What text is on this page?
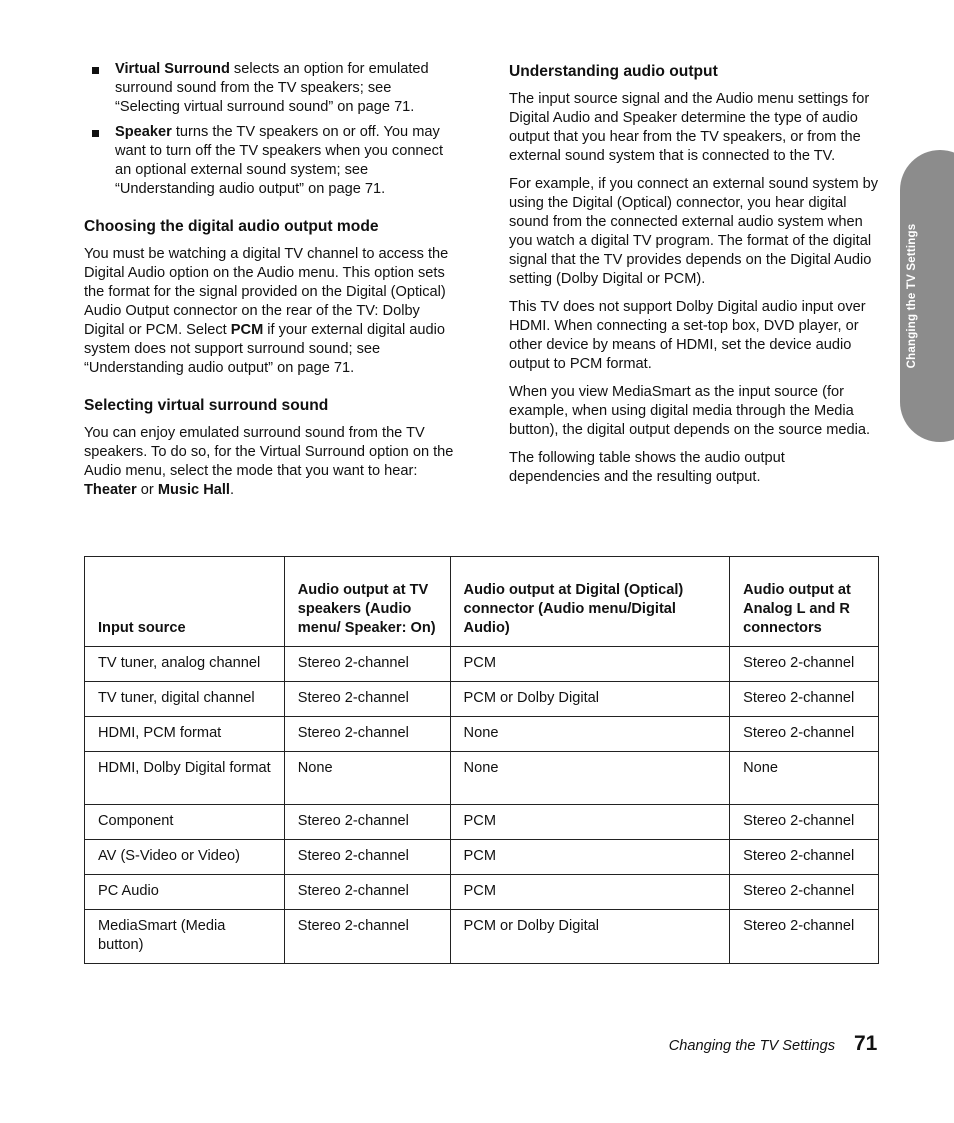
Virtual Surround selects an option for emulated surround sound from the TV speakers; see “Selecting virtual surround sound” on page 71.
Speaker turns the TV speakers on or off. You may want to turn off the TV speakers when you connect an optional external sound system; see “Understanding audio output” on page 71.
Choosing the digital audio output mode

You must be watching a digital TV channel to access the Digital Audio option on the Audio menu. This option sets the format for the signal provided on the Digital (Optical) Audio Output connector on the rear of the TV: Dolby Digital or PCM. Select PCM if your external digital audio system does not support surround sound; see “Understanding audio output” on page 71.

Selecting virtual surround sound

You can enjoy emulated surround sound from the TV speakers. To do so, for the Virtual Surround option on the Audio menu, select the mode that you want to hear: Theater or Music Hall.

Understanding audio output

The input source signal and the Audio menu settings for Digital Audio and Speaker determine the type of audio output that you hear from the TV speakers, or from the external sound system that is connected to the TV.

For example, if you connect an external sound system by using the Digital (Optical) connector, you hear digital sound from the connected external audio system when you watch a digital TV program. The format of the digital signal that the TV provides depends on the Digital Audio setting (Dolby Digital or PCM).

This TV does not support Dolby Digital audio input over HDMI. When connecting a set-top box, DVD player, or other device by means of HDMI, set the device audio output to PCM format.

When you view MediaSmart as the input source (for example, when using digital media through the Media button), the digital output depends on the source media.

The following table shows the audio output dependencies and the resulting output.

Changing the TV Settings
Input source	Audio output at TV speakers (Audio menu/ Speaker: On)	Audio output at Digital (Optical) connector (Audio menu/Digital Audio)	Audio output at Analog L and R connectors
TV tuner, analog channel	Stereo 2-channel	PCM	Stereo 2-channel
TV tuner, digital channel	Stereo 2-channel	PCM or Dolby Digital	Stereo 2-channel
HDMI, PCM format	Stereo 2-channel	None	Stereo 2-channel
HDMI, Dolby Digital format	None	None	None
Component	Stereo 2-channel	PCM	Stereo 2-channel
AV (S-Video or Video)	Stereo 2-channel	PCM	Stereo 2-channel
PC Audio	Stereo 2-channel	PCM	Stereo 2-channel
MediaSmart (Media button)	Stereo 2-channel	PCM or Dolby Digital	Stereo 2-channel
Changing the TV Settings 71
